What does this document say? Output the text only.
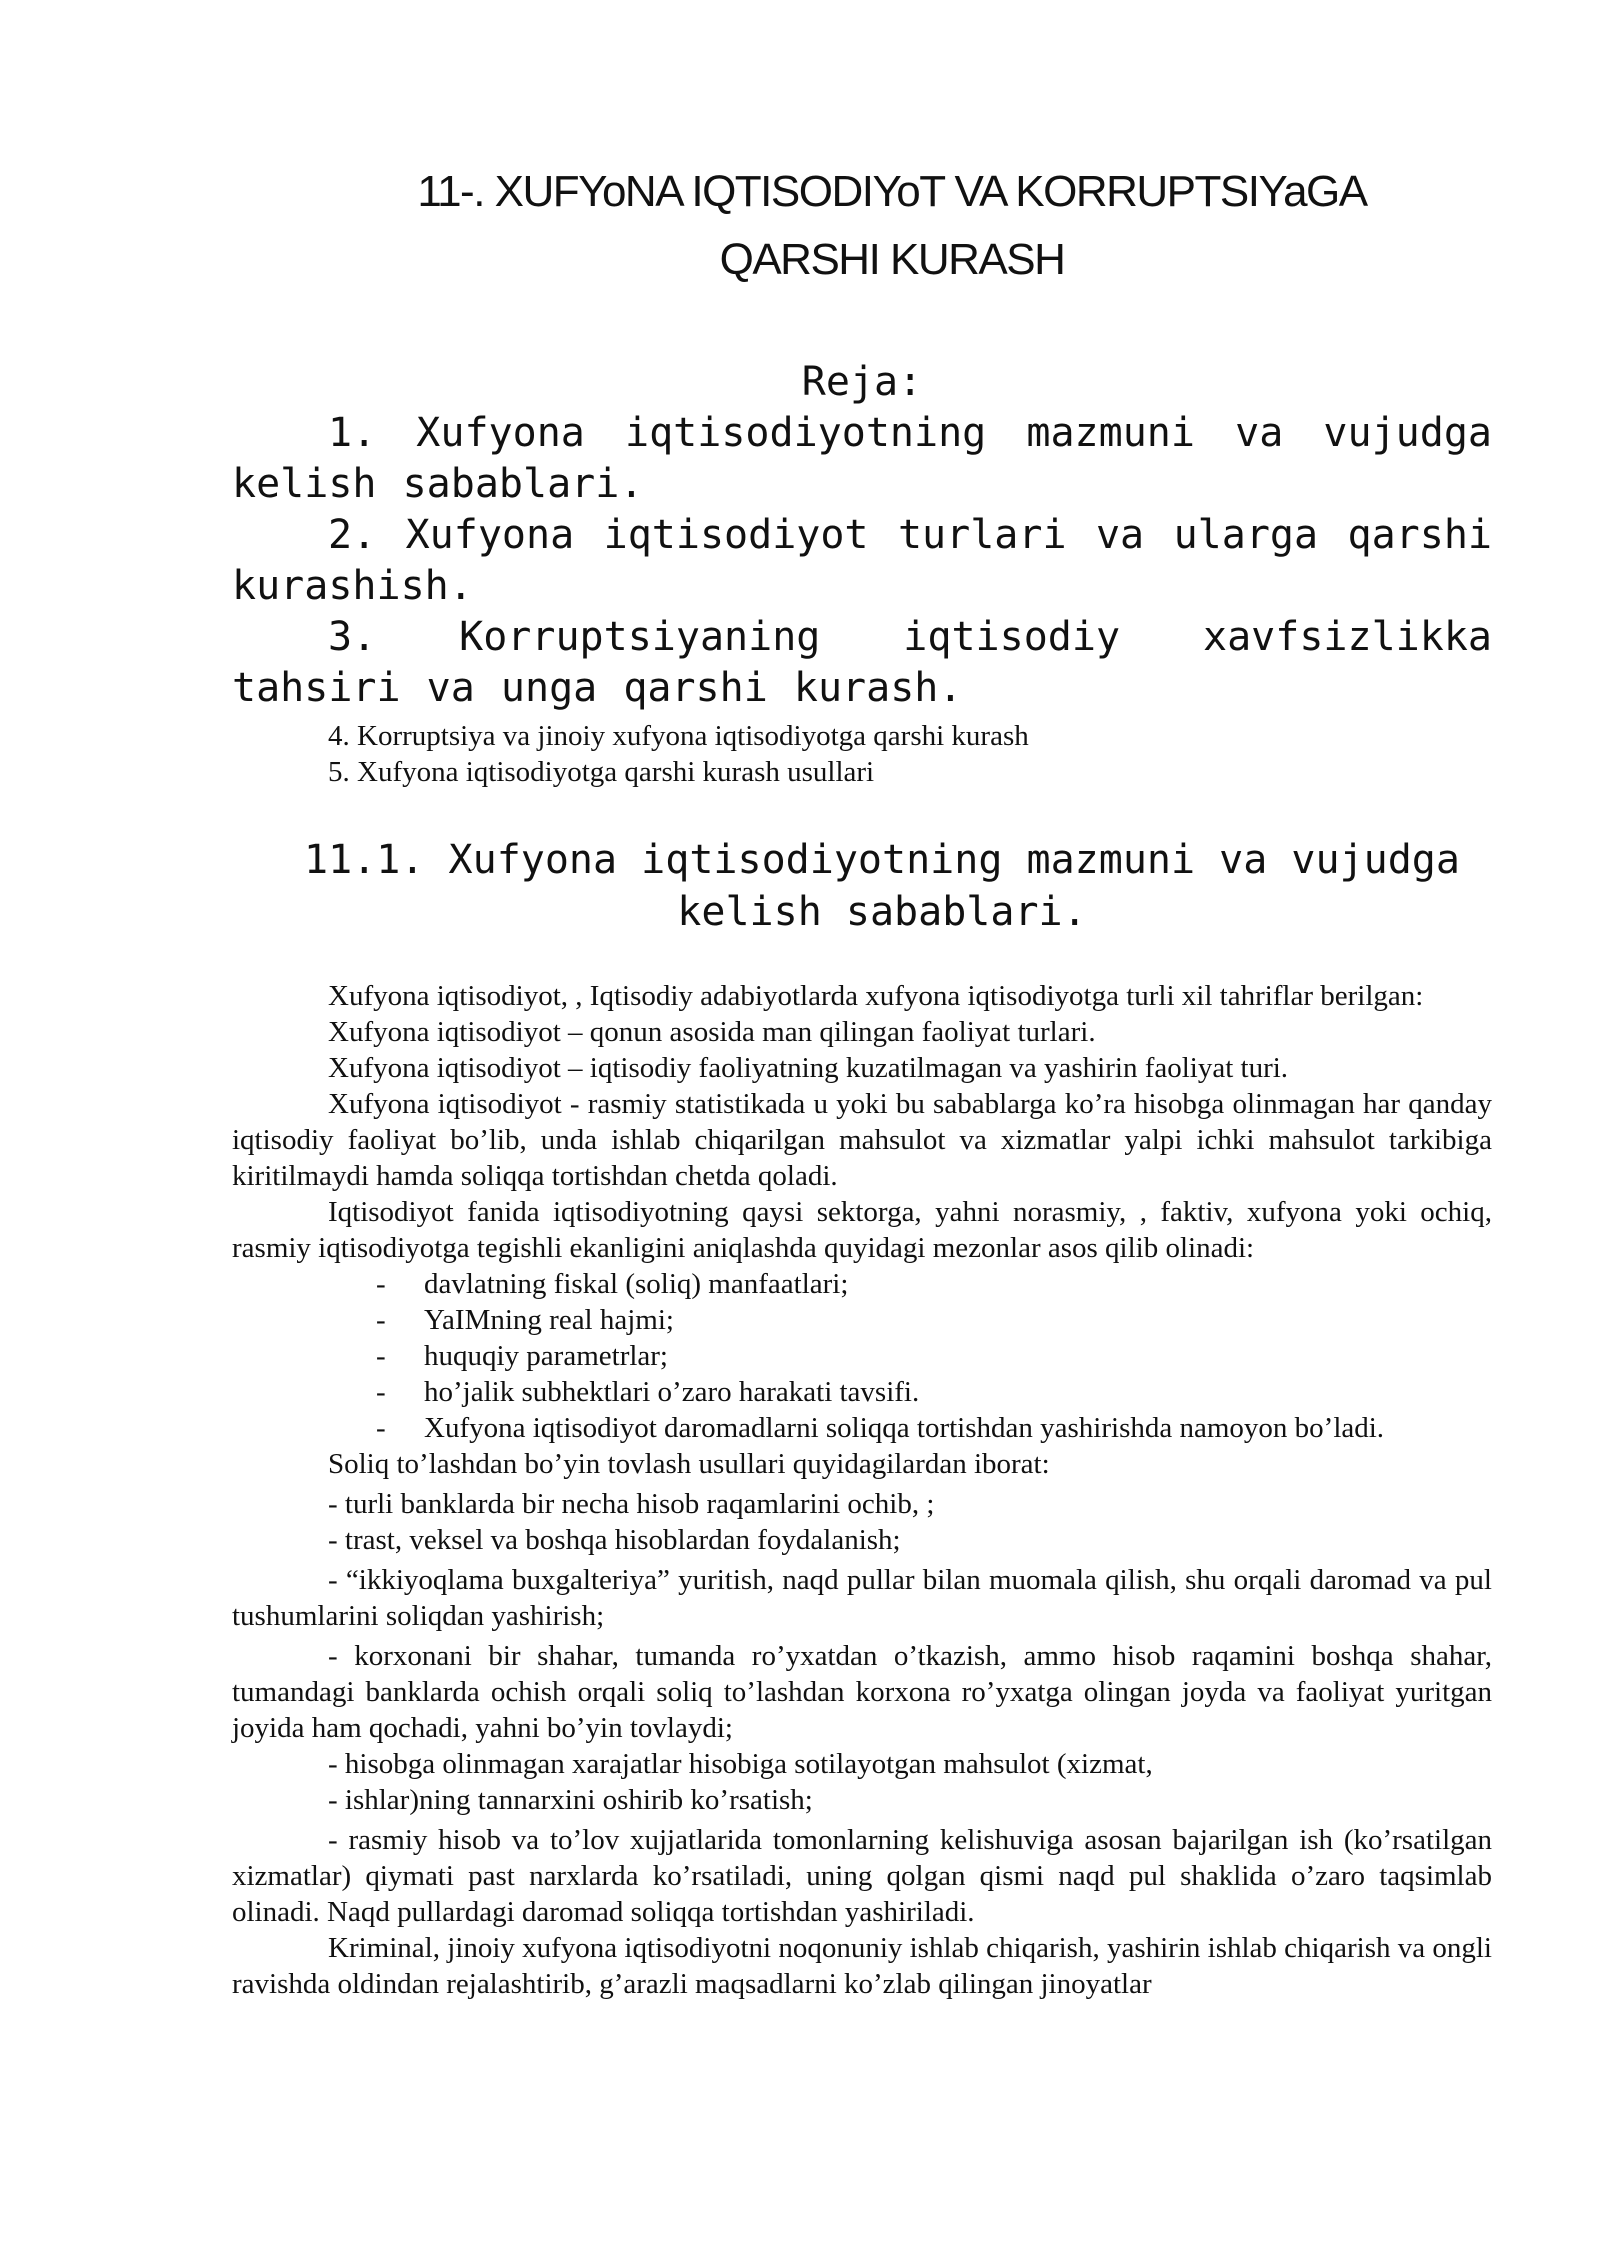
11-. XUFYoNA IQTISODIYoT VA KORRUPTSIYaGA
QARSHI KURASH
Reja:

1. Xufyona iqtisodiyotning mazmuni va vujudga kelish sabablari.

2. Xufyona iqtisodiyot turlari va ularga qarshi kurashish.

3. Korruptsiyaning iqtisodiy xavfsizlikka tahsiri va unga qarshi kurash.

4. Korruptsiya va jinoiy xufyona iqtisodiyotga qarshi kurash

5. Xufyona iqtisodiyotga qarshi kurash usullari

11.1. Xufyona iqtisodiyotning mazmuni va vujudga
kelish sabablari.

Xufyona iqtisodiyot, , Iqtisodiy adabiyotlarda xufyona iqtisodiyotga turli xil tahriflar berilgan:

Xufyona iqtisodiyot – qonun asosida man qilingan faoliyat turlari.

Xufyona iqtisodiyot – iqtisodiy faoliyatning kuzatilmagan va yashirin faoliyat turi.

Xufyona iqtisodiyot - rasmiy statistikada u yoki bu sabablarga ko’ra hisobga olinmagan har qanday iqtisodiy faoliyat bo’lib, unda ishlab chiqarilgan mahsulot va xizmatlar yalpi ichki mahsulot tarkibiga kiritilmaydi hamda soliqqa tortishdan chetda qoladi.

Iqtisodiyot fanida iqtisodiyotning qaysi sektorga, yahni norasmiy, , faktiv, xufyona yoki ochiq, rasmiy iqtisodiyotga tegishli ekanligini aniqlashda quyidagi mezonlar asos qilib olinadi:

- davlatning fiskal (soliq) manfaatlari;
- YaIMning real hajmi;
- huquqiy parametrlar;
- ho’jalik subhektlari o’zaro harakati tavsifi.
- Xufyona iqtisodiyot daromadlarni soliqqa tortishdan yashirishda namoyon bo’ladi.

Soliq to’lashdan bo’yin tovlash usullari quyidagilardan iborat:

- turli banklarda bir necha hisob raqamlarini ochib, ;

- trast, veksel va boshqa hisoblardan foydalanish;

- “ikkiyoqlama buxgalteriya” yuritish, naqd pullar bilan muomala qilish, shu orqali daromad va pul tushumlarini soliqdan yashirish;

- korxonani bir shahar, tumanda ro’yxatdan o’tkazish, ammo hisob raqamini boshqa shahar, tumandagi banklarda ochish orqali soliq to’lashdan korxona ro’yxatga olingan joyda va faoliyat yuritgan joyida ham qochadi, yahni bo’yin tovlaydi;

- hisobga olinmagan xarajatlar hisobiga sotilayotgan mahsulot (xizmat,

- ishlar)ning tannarxini oshirib ko’rsatish;

- rasmiy hisob va to’lov xujjatlarida tomonlarning kelishuviga asosan bajarilgan ish (ko’rsatilgan xizmatlar) qiymati past narxlarda ko’rsatiladi, uning qolgan qismi naqd pul shaklida o’zaro taqsimlab olinadi. Naqd pullardagi daromad soliqqa tortishdan yashiriladi.

Kriminal, jinoiy xufyona iqtisodiyotni noqonuniy ishlab chiqarish, yashirin ishlab chiqarish va ongli ravishda oldindan rejalashtirib, g’arazli maqsadlarni ko’zlab qilingan jinoyatlar
